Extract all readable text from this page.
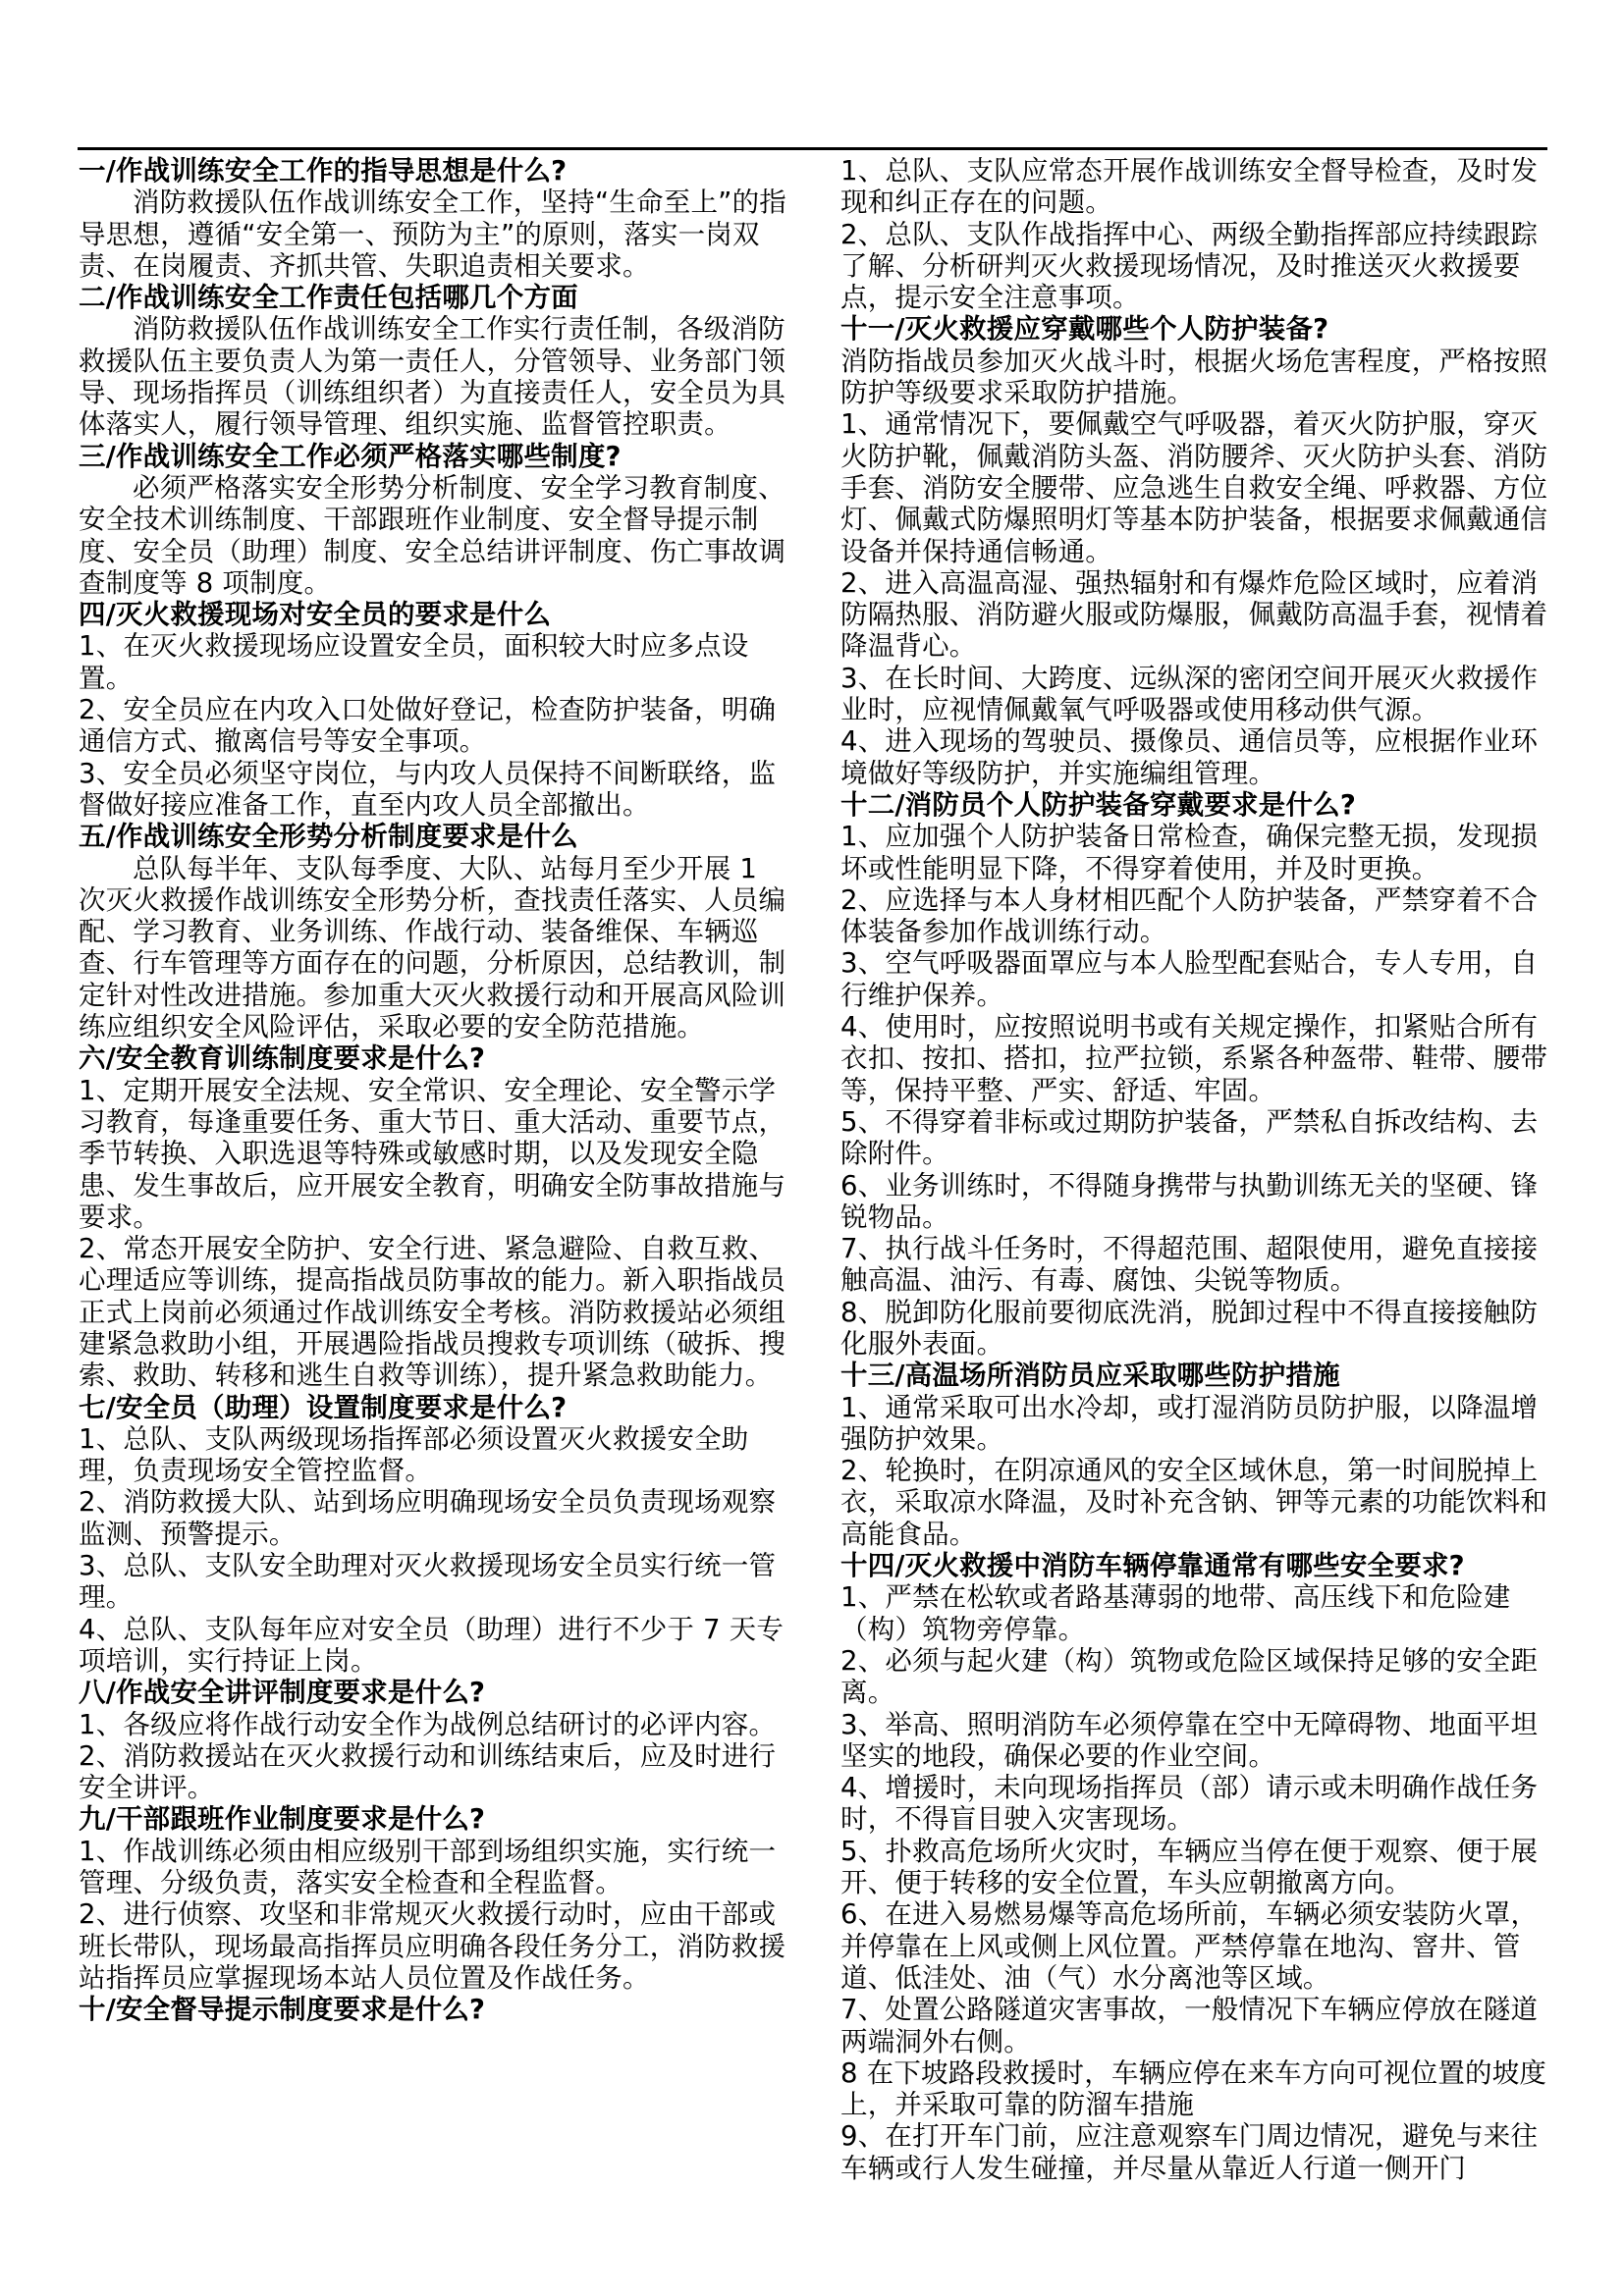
一/作战训练安全工作的指导思想是什么?

消防救援队伍作战训练安全工作，坚持“生命至上”的指导思想，遵循“安全第一、预防为主”的原则，落实一岗双责、在岗履责、齐抓共管、失职追责相关要求。

二/作战训练安全工作责任包括哪几个方面

消防救援队伍作战训练安全工作实行责任制，各级消防救援队伍主要负责人为第一责任人，分管领导、业务部门领导、现场指挥员（训练组织者）为直接责任人，安全员为具体落实人，履行领导管理、组织实施、监督管控职责。

三/作战训练安全工作必须严格落实哪些制度?

必须严格落实安全形势分析制度、安全学习教育制度、安全技术训练制度、干部跟班作业制度、安全督导提示制度、安全员（助理）制度、安全总结讲评制度、伤亡事故调查制度等 8 项制度。

四/灭火救援现场对安全员的要求是什么

1、在灭火救援现场应设置安全员，面积较大时应多点设置。

2、安全员应在内攻入口处做好登记，检查防护装备，明确通信方式、撤离信号等安全事项。

3、安全员必须坚守岗位，与内攻人员保持不间断联络，监督做好接应准备工作，直至内攻人员全部撤出。

五/作战训练安全形势分析制度要求是什么

总队每半年、支队每季度、大队、站每月至少开展 1 次灭火救援作战训练安全形势分析，查找责任落实、人员编配、学习教育、业务训练、作战行动、装备维保、车辆巡查、行车管理等方面存在的问题，分析原因，总结教训，制定针对性改进措施。参加重大灭火救援行动和开展高风险训练应组织安全风险评估，采取必要的安全防范措施。

六/安全教育训练制度要求是什么?

1、定期开展安全法规、安全常识、安全理论、安全警示学习教育，每逢重要任务、重大节日、重大活动、重要节点，季节转换、入职选退等特殊或敏感时期，以及发现安全隐患、发生事故后，应开展安全教育，明确安全防事故措施与要求。

2、常态开展安全防护、安全行进、紧急避险、自救互救、心理适应等训练，提高指战员防事故的能力。新入职指战员正式上岗前必须通过作战训练安全考核。消防救援站必须组建紧急救助小组，开展遇险指战员搜救专项训练（破拆、搜索、救助、转移和逃生自救等训练），提升紧急救助能力。

七/安全员（助理）设置制度要求是什么?

1、总队、支队两级现场指挥部必须设置灭火救援安全助理，负责现场安全管控监督。

2、消防救援大队、站到场应明确现场安全员负责现场观察监测、预警提示。

3、总队、支队安全助理对灭火救援现场安全员实行统一管理。

4、总队、支队每年应对安全员（助理）进行不少于 7 天专项培训，实行持证上岗。

八/作战安全讲评制度要求是什么?

1、各级应将作战行动安全作为战例总结研讨的必评内容。

2、消防救援站在灭火救援行动和训练结束后，应及时进行安全讲评。

九/干部跟班作业制度要求是什么?

1、作战训练必须由相应级别干部到场组织实施，实行统一管理、分级负责，落实安全检查和全程监督。

2、进行侦察、攻坚和非常规灭火救援行动时，应由干部或班长带队，现场最高指挥员应明确各段任务分工，消防救援站指挥员应掌握现场本站人员位置及作战任务。

十/安全督导提示制度要求是什么?

1、总队、支队应常态开展作战训练安全督导检查，及时发现和纠正存在的问题。

2、总队、支队作战指挥中心、两级全勤指挥部应持续跟踪了解、分析研判灭火救援现场情况，及时推送灭火救援要点，提示安全注意事项。

十一/灭火救援应穿戴哪些个人防护装备?

消防指战员参加灭火战斗时，根据火场危害程度，严格按照防护等级要求采取防护措施。

1、通常情况下，要佩戴空气呼吸器，着灭火防护服，穿灭火防护靴，佩戴消防头盔、消防腰斧、灭火防护头套、消防手套、消防安全腰带、应急逃生自救安全绳、呼救器、方位灯、佩戴式防爆照明灯等基本防护装备，根据要求佩戴通信设备并保持通信畅通。

2、进入高温高湿、强热辐射和有爆炸危险区域时，应着消防隔热服、消防避火服或防爆服，佩戴防高温手套，视情着降温背心。

3、在长时间、大跨度、远纵深的密闭空间开展灭火救援作业时，应视情佩戴氧气呼吸器或使用移动供气源。

4、进入现场的驾驶员、摄像员、通信员等，应根据作业环境做好等级防护，并实施编组管理。

十二/消防员个人防护装备穿戴要求是什么?

1、应加强个人防护装备日常检查，确保完整无损，发现损坏或性能明显下降，不得穿着使用，并及时更换。

2、应选择与本人身材相匹配个人防护装备，严禁穿着不合体装备参加作战训练行动。

3、空气呼吸器面罩应与本人脸型配套贴合，专人专用，自行维护保养。

4、使用时，应按照说明书或有关规定操作，扣紧贴合所有衣扣、按扣、搭扣，拉严拉锁，系紧各种盔带、鞋带、腰带等，保持平整、严实、舒适、牢固。

5、不得穿着非标或过期防护装备，严禁私自拆改结构、去除附件。

6、业务训练时，不得随身携带与执勤训练无关的坚硬、锋锐物品。

7、执行战斗任务时，不得超范围、超限使用，避免直接接触高温、油污、有毒、腐蚀、尖锐等物质。

8、脱卸防化服前要彻底洗消，脱卸过程中不得直接接触防化服外表面。

十三/高温场所消防员应采取哪些防护措施

1、通常采取可出水冷却，或打湿消防员防护服，以降温增强防护效果。

2、轮换时，在阴凉通风的安全区域休息，第一时间脱掉上衣，采取凉水降温，及时补充含钠、钾等元素的功能饮料和高能食品。

十四/灭火救援中消防车辆停靠通常有哪些安全要求?

1、严禁在松软或者路基薄弱的地带、高压线下和危险建（构）筑物旁停靠。

2、必须与起火建（构）筑物或危险区域保持足够的安全距离。

3、举高、照明消防车必须停靠在空中无障碍物、地面平坦坚实的地段，确保必要的作业空间。

4、增援时，未向现场指挥员（部）请示或未明确作战任务时，不得盲目驶入灾害现场。

5、扑救高危场所火灾时，车辆应当停在便于观察、便于展开、便于转移的安全位置，车头应朝撤离方向。

6、在进入易燃易爆等高危场所前，车辆必须安装防火罩，并停靠在上风或侧上风位置。严禁停靠在地沟、窨井、管道、低洼处、油（气）水分离池等区域。

7、处置公路隧道灾害事故，一般情况下车辆应停放在隧道两端洞外右侧。

8 在下坡路段救援时，车辆应停在来车方向可视位置的坡度上，并采取可靠的防溜车措施

9、在打开车门前，应注意观察车门周边情况，避免与来往车辆或行人发生碰撞，并尽量从靠近人行道一侧开门
